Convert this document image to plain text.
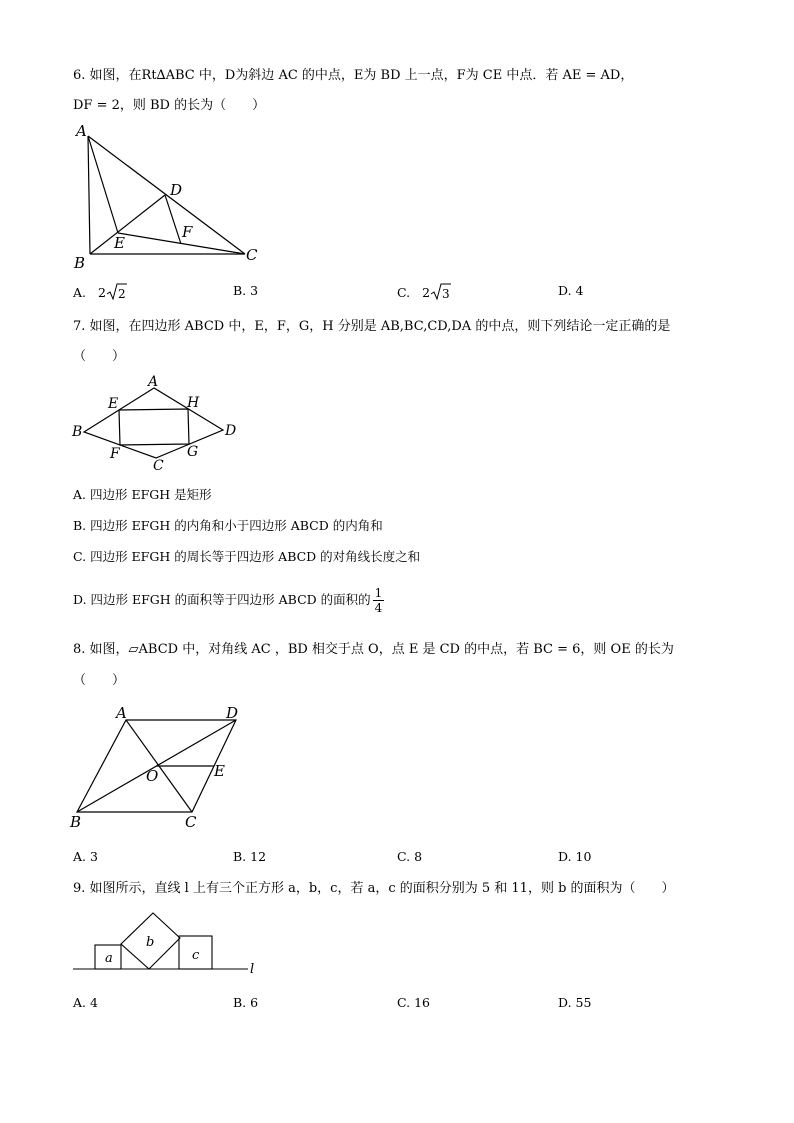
6. 如图，在Rt∆ABC 中，D为斜边 AC 的中点，E为 BD 上一点，F为 CE 中点．若 AE = AD，
DF = 2，则 BD 的长为（　　）
A
B	C
D
E
F
A. 2 2	B. 3	C. 2 3	D. 4
7. 如图，在四边形 ABCD 中，E，F，G，H 分别是 AB,BC,CD,DA 的中点，则下列结论一定正确的是
（　　）
A
B
C
D
E
F	G
H
A. 四边形 EFGH 是矩形
B. 四边形 EFGH 的内角和小于四边形 ABCD 的内角和
C. 四边形 EFGH 的周长等于四边形 ABCD 的对角线长度之和
D. 四边形 EFGH 的面积等于四边形 ABCD 的面积的 $\frac{1}{4}$
8. 如图，▱ABCD 中，对角线 AC ，BD 相交于点 O，点 E 是 CD 的中点，若 BC = 6，则 OE 的长为
（　　）
A
B	C
D
E
O
A. 3	B. 12	C. 8	D. 10
9. 如图所示，直线 l 上有三个正方形 a，b，c，若 a，c 的面积分别为 5 和 11，则 b 的面积为（　　）
a
b
c
l
A. 4	B. 6	C. 16	D. 55
